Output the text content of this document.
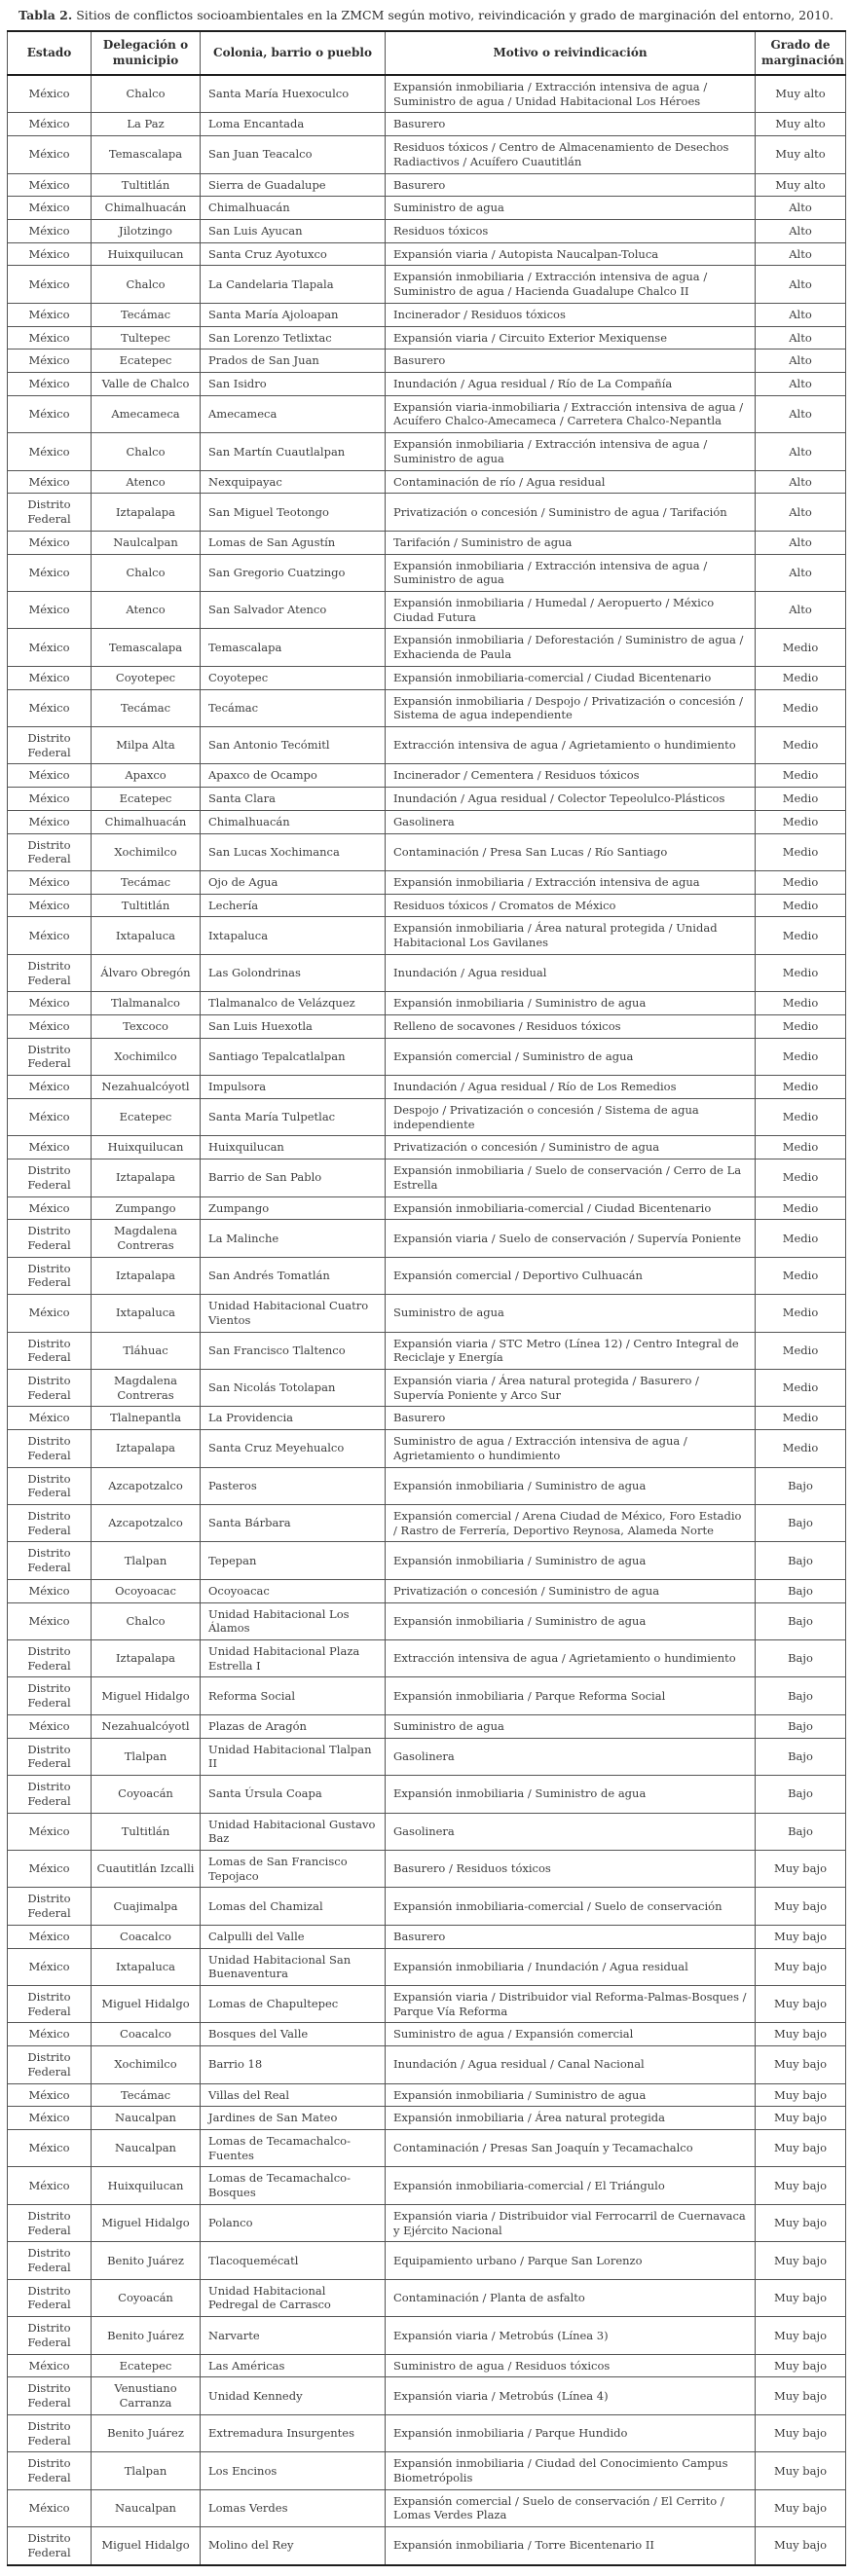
Tabla 2. Sitios de conflictos socioambientales en la ZMCM según motivo, reivindicación y grado de marginación del entorno, 2010.
Estado	Delegación o municipio	Colonia, barrio o pueblo	Motivo o reivindicación	Grado de marginación
México	Chalco	Santa María Huexoculco	Expansión inmobiliaria / Extracción intensiva de agua / Suministro de agua / Unidad Habitacional Los Héroes	Muy alto
México	La Paz	Loma Encantada	Basurero	Muy alto
México	Temascalapa	San Juan Teacalco	Residuos tóxicos / Centro de Almacenamiento de Desechos Radiactivos / Acuífero Cuautitlán	Muy alto
México	Tultitlán	Sierra de Guadalupe	Basurero	Muy alto
México	Chimalhuacán	Chimalhuacán	Suministro de agua	Alto
México	Jilotzingo	San Luis Ayucan	Residuos tóxicos	Alto
México	Huixquilucan	Santa Cruz Ayotuxco	Expansión viaria / Autopista Naucalpan-Toluca	Alto
México	Chalco	La Candelaria Tlapala	Expansión inmobiliaria / Extracción intensiva de agua / Suministro de agua / Hacienda Guadalupe Chalco II	Alto
México	Tecámac	Santa María Ajoloapan	Incinerador / Residuos tóxicos	Alto
México	Tultepec	San Lorenzo Tetlixtac	Expansión viaria / Circuito Exterior Mexiquense	Alto
México	Ecatepec	Prados de San Juan	Basurero	Alto
México	Valle de Chalco	San Isidro	Inundación / Agua residual / Río de La Compañía	Alto
México	Amecameca	Amecameca	Expansión viaria-inmobiliaria / Extracción intensiva de agua / Acuífero Chalco-Amecameca / Carretera Chalco-Nepantla	Alto
México	Chalco	San Martín Cuautlalpan	Expansión inmobiliaria / Extracción intensiva de agua / Suministro de agua	Alto
México	Atenco	Nexquipayac	Contaminación de río / Agua residual	Alto
Distrito Federal	Iztapalapa	San Miguel Teotongo	Privatización o concesión / Suministro de agua / Tarifación	Alto
México	Naulcalpan	Lomas de San Agustín	Tarifación / Suministro de agua	Alto
México	Chalco	San Gregorio Cuatzingo	Expansión inmobiliaria / Extracción intensiva de agua / Suministro de agua	Alto
México	Atenco	San Salvador Atenco	Expansión inmobiliaria / Humedal / Aeropuerto / México Ciudad Futura	Alto
México	Temascalapa	Temascalapa	Expansión inmobiliaria / Deforestación / Suministro de agua / Exhacienda de Paula	Medio
México	Coyotepec	Coyotepec	Expansión inmobiliaria-comercial / Ciudad Bicentenario	Medio
México	Tecámac	Tecámac	Expansión inmobiliaria / Despojo / Privatización o concesión / Sistema de agua independiente	Medio
Distrito Federal	Milpa Alta	San Antonio Tecómitl	Extracción intensiva de agua / Agrietamiento o hundimiento	Medio
México	Apaxco	Apaxco de Ocampo	Incinerador / Cementera / Residuos tóxicos	Medio
México	Ecatepec	Santa Clara	Inundación / Agua residual / Colector Tepeolulco-Plásticos	Medio
México	Chimalhuacán	Chimalhuacán	Gasolinera	Medio
Distrito Federal	Xochimilco	San Lucas Xochimanca	Contaminación / Presa San Lucas / Río Santiago	Medio
México	Tecámac	Ojo de Agua	Expansión inmobiliaria / Extracción intensiva de agua	Medio
México	Tultitlán	Lechería	Residuos tóxicos / Cromatos de México	Medio
México	Ixtapaluca	Ixtapaluca	Expansión inmobiliaria / Área natural protegida / Unidad Habitacional Los Gavilanes	Medio
Distrito Federal	Álvaro Obregón	Las Golondrinas	Inundación / Agua residual	Medio
México	Tlalmanalco	Tlalmanalco de Velázquez	Expansión inmobiliaria / Suministro de agua	Medio
México	Texcoco	San Luis Huexotla	Relleno de socavones / Residuos tóxicos	Medio
Distrito Federal	Xochimilco	Santiago Tepalcatlalpan	Expansión comercial / Suministro de agua	Medio
México	Nezahualcóyotl	Impulsora	Inundación / Agua residual / Río de Los Remedios	Medio
México	Ecatepec	Santa María Tulpetlac	Despojo / Privatización o concesión / Sistema de agua independiente	Medio
México	Huixquilucan	Huixquilucan	Privatización o concesión / Suministro de agua	Medio
Distrito Federal	Iztapalapa	Barrio de San Pablo	Expansión inmobiliaria / Suelo de conservación / Cerro de La Estrella	Medio
México	Zumpango	Zumpango	Expansión inmobiliaria-comercial / Ciudad Bicentenario	Medio
Distrito Federal	Magdalena Contreras	La Malinche	Expansión viaria / Suelo de conservación / Supervía Poniente	Medio
Distrito Federal	Iztapalapa	San Andrés Tomatlán	Expansión comercial / Deportivo Culhuacán	Medio
México	Ixtapaluca	Unidad Habitacional Cuatro Vientos	Suministro de agua	Medio
Distrito Federal	Tláhuac	San Francisco Tlaltenco	Expansión viaria / STC Metro (Línea 12) / Centro Integral de Reciclaje y Energía	Medio
Distrito Federal	Magdalena Contreras	San Nicolás Totolapan	Expansión viaria / Área natural protegida / Basurero / Supervía Poniente y Arco Sur	Medio
México	Tlalnepantla	La Providencia	Basurero	Medio
Distrito Federal	Iztapalapa	Santa Cruz Meyehualco	Suministro de agua / Extracción intensiva de agua / Agrietamiento o hundimiento	Medio
Distrito Federal	Azcapotzalco	Pasteros	Expansión inmobiliaria / Suministro de agua	Bajo
Distrito Federal	Azcapotzalco	Santa Bárbara	Expansión comercial / Arena Ciudad de México, Foro Estadio / Rastro de Ferrería, Deportivo Reynosa, Alameda Norte	Bajo
Distrito Federal	Tlalpan	Tepepan	Expansión inmobiliaria / Suministro de agua	Bajo
México	Ocoyoacac	Ocoyoacac	Privatización o concesión / Suministro de agua	Bajo
México	Chalco	Unidad Habitacional Los Álamos	Expansión inmobiliaria / Suministro de agua	Bajo
Distrito Federal	Iztapalapa	Unidad Habitacional Plaza Estrella I	Extracción intensiva de agua / Agrietamiento o hundimiento	Bajo
Distrito Federal	Miguel Hidalgo	Reforma Social	Expansión inmobiliaria / Parque Reforma Social	Bajo
México	Nezahualcóyotl	Plazas de Aragón	Suministro de agua	Bajo
Distrito Federal	Tlalpan	Unidad Habitacional Tlalpan II	Gasolinera	Bajo
Distrito Federal	Coyoacán	Santa Úrsula Coapa	Expansión inmobiliaria / Suministro de agua	Bajo
México	Tultitlán	Unidad Habitacional Gustavo Baz	Gasolinera	Bajo
México	Cuautitlán Izcalli	Lomas de San Francisco Tepojaco	Basurero / Residuos tóxicos	Muy bajo
Distrito Federal	Cuajimalpa	Lomas del Chamizal	Expansión inmobiliaria-comercial / Suelo de conservación	Muy bajo
México	Coacalco	Calpulli del Valle	Basurero	Muy bajo
México	Ixtapaluca	Unidad Habitacional San Buenaventura	Expansión inmobiliaria / Inundación / Agua residual	Muy bajo
Distrito Federal	Miguel Hidalgo	Lomas de Chapultepec	Expansión viaria / Distribuidor vial Reforma-Palmas-Bosques / Parque Vía Reforma	Muy bajo
México	Coacalco	Bosques del Valle	Suministro de agua / Expansión comercial	Muy bajo
Distrito Federal	Xochimilco	Barrio 18	Inundación / Agua residual / Canal Nacional	Muy bajo
México	Tecámac	Villas del Real	Expansión inmobiliaria / Suministro de agua	Muy bajo
México	Naucalpan	Jardines de San Mateo	Expansión inmobiliaria / Área natural protegida	Muy bajo
México	Naucalpan	Lomas de Tecamachalco-Fuentes	Contaminación / Presas San Joaquín y Tecamachalco	Muy bajo
México	Huixquilucan	Lomas de Tecamachalco-Bosques	Expansión inmobiliaria-comercial / El Triángulo	Muy bajo
Distrito Federal	Miguel Hidalgo	Polanco	Expansión viaria / Distribuidor vial Ferrocarril de Cuernavaca y Ejército Nacional	Muy bajo
Distrito Federal	Benito Juárez	Tlacoquemécatl	Equipamiento urbano / Parque San Lorenzo	Muy bajo
Distrito Federal	Coyoacán	Unidad Habitacional Pedregal de Carrasco	Contaminación / Planta de asfalto	Muy bajo
Distrito Federal	Benito Juárez	Narvarte	Expansión viaria / Metrobús (Línea 3)	Muy bajo
México	Ecatepec	Las Américas	Suministro de agua / Residuos tóxicos	Muy bajo
Distrito Federal	Venustiano Carranza	Unidad Kennedy	Expansión viaria / Metrobús (Línea 4)	Muy bajo
Distrito Federal	Benito Juárez	Extremadura Insurgentes	Expansión inmobiliaria / Parque Hundido	Muy bajo
Distrito Federal	Tlalpan	Los Encinos	Expansión inmobiliaria / Ciudad del Conocimiento Campus Biometrópolis	Muy bajo
México	Naucalpan	Lomas Verdes	Expansión comercial / Suelo de conservación / El Cerrito / Lomas Verdes Plaza	Muy bajo
Distrito Federal	Miguel Hidalgo	Molino del Rey	Expansión inmobiliaria / Torre Bicentenario II	Muy bajo
